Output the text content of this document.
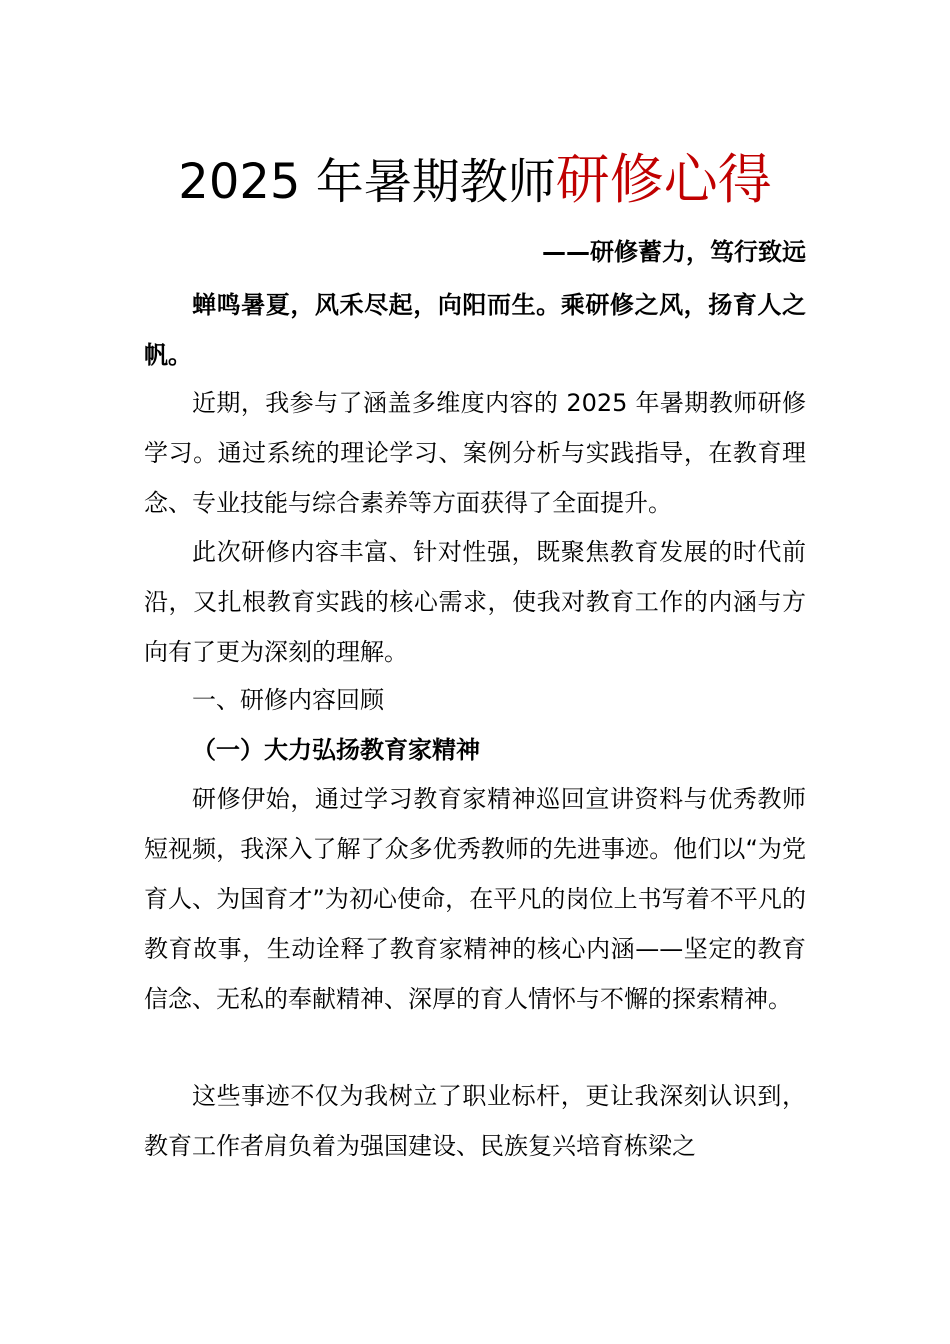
2025 年暑期教师研修心得
——研修蓄力，笃行致远

蝉鸣暑夏，风禾尽起，向阳而生。乘研修之风，扬育人之帆。

近期，我参与了涵盖多维度内容的 2025 年暑期教师研修学习。通过系统的理论学习、案例分析与实践指导，在教育理念、专业技能与综合素养等方面获得了全面提升。

此次研修内容丰富、针对性强，既聚焦教育发展的时代前沿，又扎根教育实践的核心需求，使我对教育工作的内涵与方向有了更为深刻的理解。

一、研修内容回顾

（一）大力弘扬教育家精神

研修伊始，通过学习教育家精神巡回宣讲资料与优秀教师短视频，我深入了解了众多优秀教师的先进事迹。他们以“为党育人、为国育才”为初心使命，在平凡的岗位上书写着不平凡的教育故事，生动诠释了教育家精神的核心内涵——坚定的教育信念、无私的奉献精神、深厚的育人情怀与不懈的探索精神。

这些事迹不仅为我树立了职业标杆，更让我深刻认识到，教育工作者肩负着为强国建设、民族复兴培育栋梁之
